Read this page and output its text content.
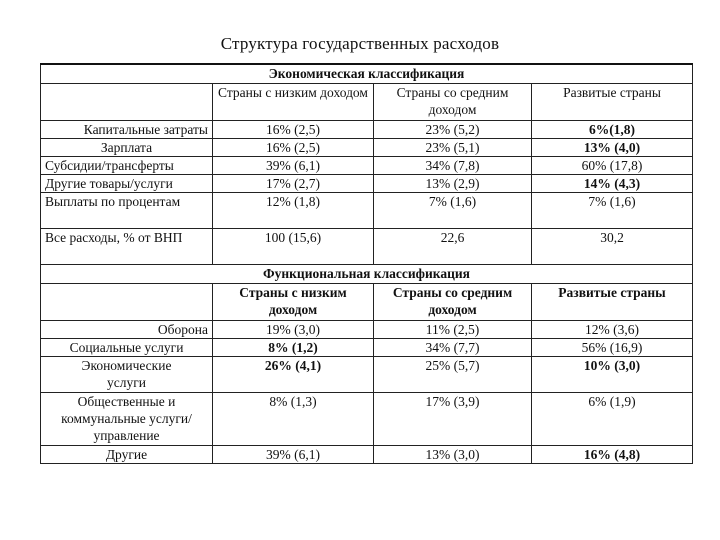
Структура государственных расходов
Экономическая классификация			
	Страны с низким доходом	Страны со средним доходом	Развитые страны
Капитальные затраты	16% (2,5)	23% (5,2)	6%(1,8)
Зарплата	16% (2,5)	23% (5,1)	13% (4,0)
Субсидии/трансферты	39% (6,1)	34% (7,8)	60% (17,8)
Другие товары/услуги	17% (2,7)	13% (2,9)	14% (4,3)
Выплаты по процентам	12% (1,8)	7% (1,6)	7% (1,6)
Все расходы, % от ВНП	100 (15,6)	22,6	30,2
Функциональная классификация			
	Страны с низким доходом	Страны со средним доходом	Развитые страны
Оборона	19% (3,0)	11% (2,5)	12% (3,6)
Социальные услуги	8% (1,2)	34% (7,7)	56% (16,9)
Экономические услуги	26% (4,1)	25% (5,7)	10% (3,0)
Общественные и коммунальные услуги/управление	8% (1,3)	17% (3,9)	6% (1,9)
Другие	39% (6,1)	13% (3,0)	16% (4,8)
